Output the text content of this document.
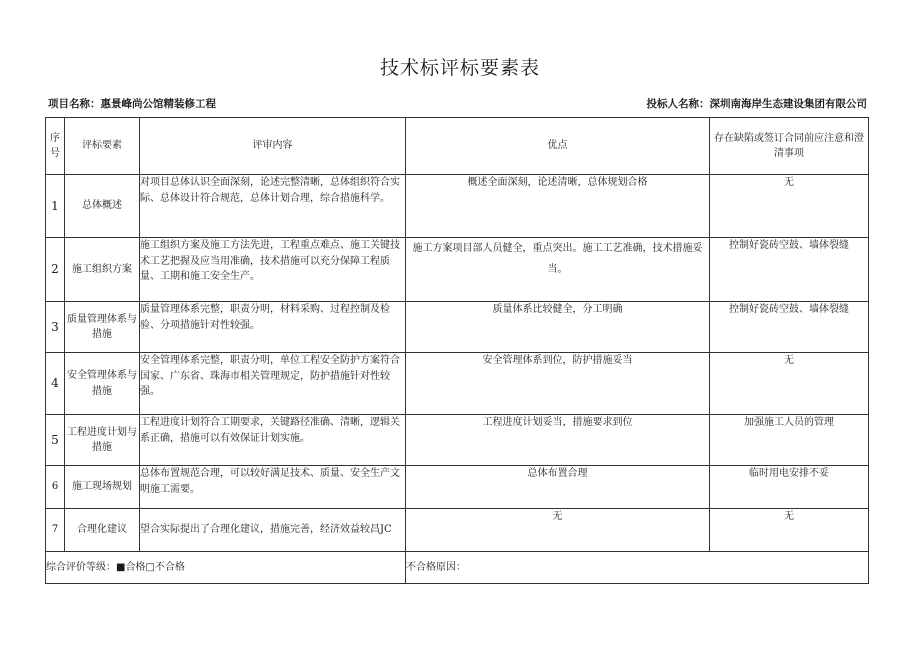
技术标评标要素表
项目名称：惠景峰尚公馆精装修工程	投标人名称：深圳南海岸生态建设集团有限公司
序号	评标要素	评审内容	优点	存在缺陷或签订合同前应注意和澄清事项
1	总体概述	对项目总体认识全面深刻，论述完整清晰，总体组织符合实际、总体设计符合规范，总体计划合理，综合措施科学。	概述全面深刻，论述清晰，总体规划合格	无
2	施工组织方案	施工组织方案及施工方法先进，工程重点难点、施工关键技术工艺把握及应当用准确，技术措施可以充分保障工程质量、工期和施工安全生产。	施工方案项目部人员健全，重点突出。施工工艺准确，技术措施妥当。	控制好瓷砖空鼓、墙体裂缝
3	质量管理体系与措施	质量管理体系完整，职责分明，材料采购、过程控制及检验、分项措施针对性较强。	质量体系比较健全，分工明确	控制好瓷砖空鼓、墙体裂缝
4	安全管理体系与措施	安全管理体系完整，职责分明，单位工程安全防护方案符合国家、广东省、珠海市相关管理规定，防护措施针对性较强。	安全管理体系到位，防护措施妥当	无
5	工程进度计划与措施	工程进度计划符合工期要求，关键路径准确、清晰，逻辑关系正确，措施可以有效保证计划实施。	工程进度计划妥当，措施要求到位	加强施工人员的管理
6	施工现场规划	总体布置规范合理，可以较好满足技术、质量、安全生产文明施工需要。	总体布置合理	临时用电安排不妥
7	合理化建议	望合实际提出了合理化建议，措施完善，经济效益较昌JC	无	无
综合评价等级：■合格□不合格			不合格原因：	
